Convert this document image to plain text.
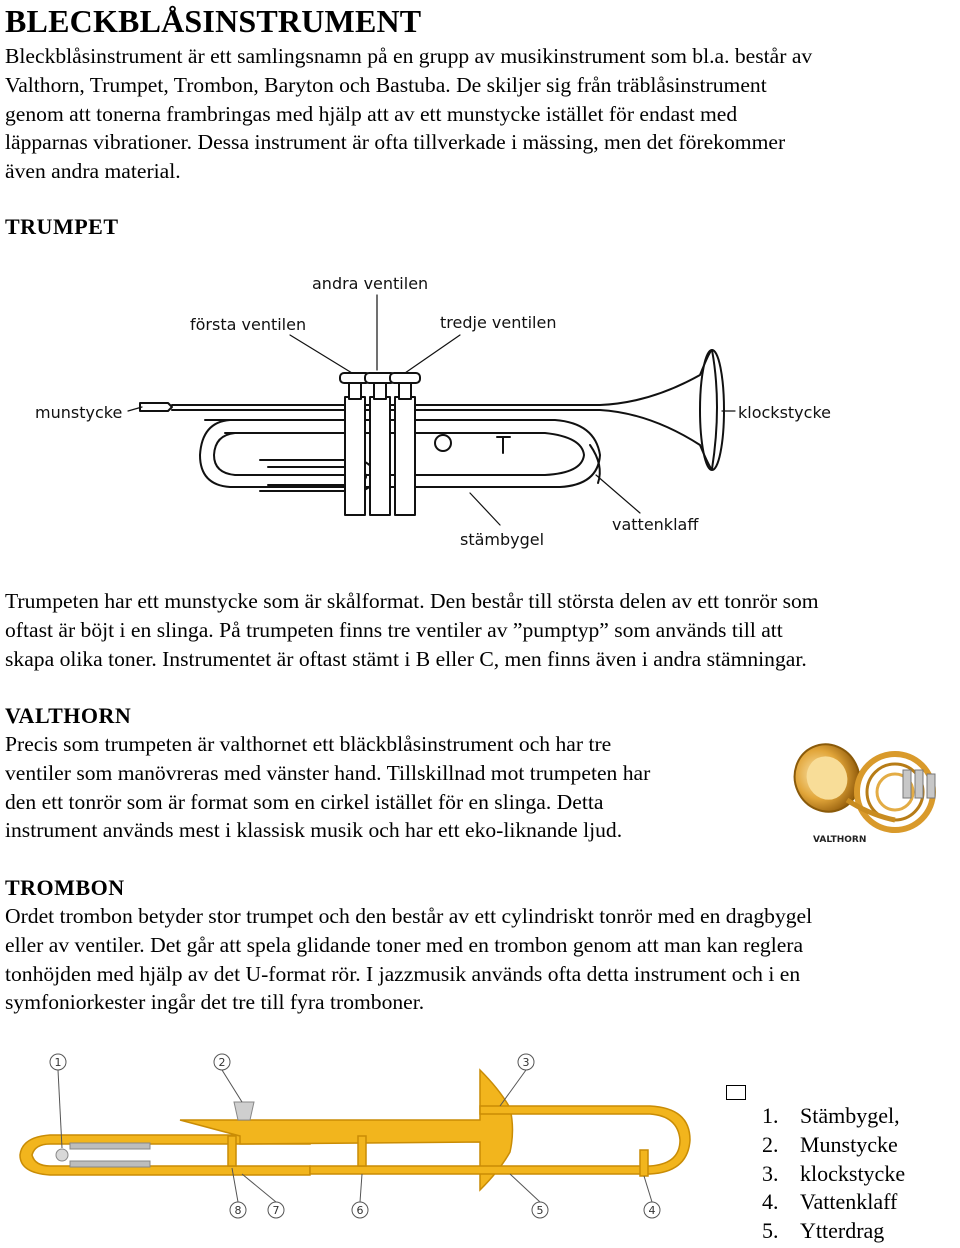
BLECKBLÅSINSTRUMENT
Bleckblåsinstrument är ett samlingsnamn på en grupp av musikinstrument som bl.a. består av
Valthorn, Trumpet, Trombon, Baryton och Bastuba. De skiljer sig från träblåsinstrument
genom att tonerna frambringas med hjälp att av ett munstycke istället för endast med
läpparnas vibrationer. Dessa instrument är ofta tillverkade i mässing, men det förekommer
även andra material.
TRUMPET
andra ventilen
första ventilen	tredje ventilen
munstycke	klockstycke
stämbygel
vattenklaff
Trumpeten har ett munstycke som är skålformat. Den består till största delen av ett tonrör som
oftast är böjt i en slinga. På trumpeten finns tre ventiler av ”pumptyp” som används till att
skapa olika toner. Instrumentet är oftast stämt i B eller C, men finns även i andra stämningar.
VALTHORN
Precis som trumpeten är valthornet ett bläckblåsinstrument och har tre
ventiler som manövreras med vänster hand. Tillskillnad mot trumpeten har
den ett tonrör som är format som en cirkel istället för en slinga. Detta
instrument används mest i klassisk musik och har ett eko-liknande ljud.	VALTHORN
TROMBON
Ordet trombon betyder stor trumpet och den består av ett cylindriskt tonrör med en dragbygel
eller av ventiler. Det går att spela glidande toner med en trombon genom att man kan reglera
tonhöjden med hjälp av det U-format rör. I jazzmusik används ofta detta instrument och i en
symfoniorkester ingår det tre till fyra tromboner.
1	2	3
4
5
6
7
8
1. Stämbygel,
2. Munstycke
3. klockstycke
4. Vattenklaff
5. Ytterdrag
